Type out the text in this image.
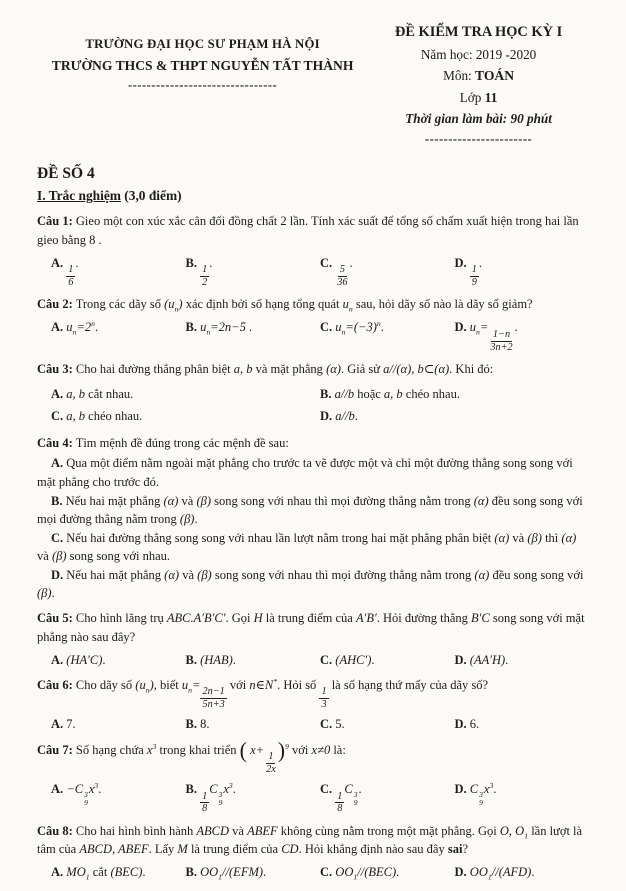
TRƯỜNG ĐẠI HỌC SƯ PHẠM HÀ NỘI
TRƯỜNG THCS & THPT NGUYỄN TẤT THÀNH
--------------------------------
ĐỀ KIỂM TRA HỌC KỲ I
Năm học: 2019 -2020
Môn: TOÁN
Lớp 11
Thời gian làm bài: 90 phút
-----------------------
ĐỀ SỐ 4
I. Trắc nghiệm (3,0 điểm)

Câu 1: Gieo một con xúc xắc cân đối đồng chất 2 lần. Tính xác suất để tổng số chấm xuất hiện trong hai lần gieo bằng 8 .

A.
$\frac{1}{6}$
.	B.
$\frac{1}{2}$
.	C.
$\frac{5}{36}$
.	D.
$\frac{1}{9}$
.

Câu 2: Trong các dãy số $(u_n)$ xác định bởi số hạng tổng quát $u_n$ sau, hỏi dãy số nào là dãy số giảm?

A. $u_n=2^n$.	B. $u_n=2n-5$ .	C. $u_n=(-3)^n$.	D. $u_n=$
$\frac{1-n}{3n+2}$
.

Câu 3: Cho hai đường thẳng phân biệt a, b và mặt phẳng (α). Giả sử a//(α), b⊂(α). Khi đó:

A. a, b cắt nhau.	B. a//b hoặc a, b chéo nhau.
C. a, b chéo nhau.	D. a//b.

Câu 4: Tìm mệnh đề đúng trong các mệnh đề sau:

A. Qua một điểm nằm ngoài mặt phẳng cho trước ta vẽ được một và chỉ một đường thẳng song song với mặt phẳng cho trước đó.
B. Nếu hai mặt phẳng (α) và (β) song song với nhau thì mọi đường thẳng nằm trong (α) đều song song với mọi đường thẳng nằm trong (β).
C. Nếu hai đường thẳng song song với nhau lần lượt nằm trong hai mặt phẳng phân biệt (α) và (β) thì (α) và (β) song song với nhau.
D. Nếu hai mặt phẳng (α) và (β) song song với nhau thì mọi đường thẳng nằm trong (α) đều song song với (β).

Câu 5: Cho hình lăng trụ ABC.A′B′C′. Gọi H là trung điểm của A′B′. Hỏi đường thẳng B′C song song với mặt phẳng nào sau đây?

A. (HA′C).	B. (HAB).	C. (AHC′).	D. (AA′H).

Câu 6: Cho dãy số $(u_n)$, biết $u_n=$
$\frac{2n-1}{5n+3}$
với n∈N*. Hỏi số
$\frac{1}{3}$
là số hạng thứ mấy của dãy số?

A. 7.	B. 8.	C. 5.	D. 6.

Câu 7: Số hạng chứa $x^3$ trong khai triển ( x+
$\frac{1}{2x}$
)$^9$ với x≠0 là:

A. −C 3
9
$x^3$.	B.
$\frac{1}{8}$
C 3
9
$x^3$.	C.
$\frac{1}{8}$
C 3
9
.	D. C 3
9
$x^3$.

Câu 8: Cho hai hình bình hành ABCD và ABEF không cùng nằm trong một mặt phẳng. Gọi O, $O_1$ lần lượt là tâm của ABCD, ABEF. Lấy M là trung điểm của CD. Hỏi khẳng định nào sau đây sai?

A. $MO_1$ cắt (BEC).	B. $OO_1//(EFM)$.	C. $OO_1//(BEC)$.	D. $OO_1//(AFD)$.
